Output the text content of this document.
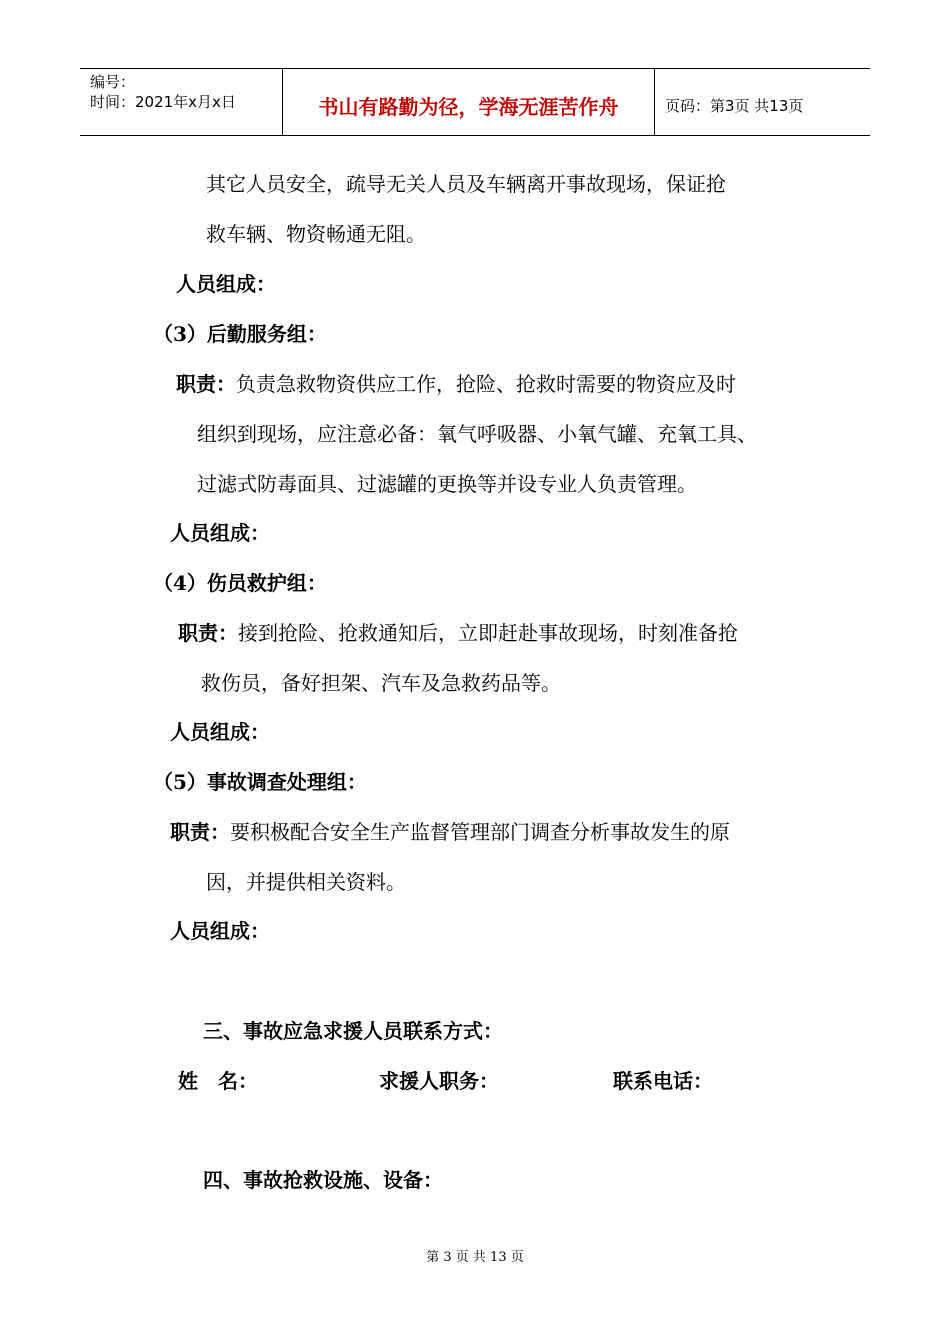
编号：
时间：2021年x月x日	书山有路勤为径，学海无涯苦作舟	页码：第3页 共13页
其它人员安全，疏导无关人员及车辆离开事故现场，保证抢
救车辆、物资畅通无阻。
人员组成：
（3）后勤服务组：
职责：负责急救物资供应工作，抢险、抢救时需要的物资应及时
组织到现场，应注意必备：氧气呼吸器、小氧气罐、充氧工具、
过滤式防毒面具、过滤罐的更换等并设专业人负责管理。
人员组成：
（4）伤员救护组：
职责：接到抢险、抢救通知后，立即赶赴事故现场，时刻准备抢
救伤员，备好担架、汽车及急救药品等。
人员组成：
（5）事故调查处理组：
职责：要积极配合安全生产监督管理部门调查分析事故发生的原
因，并提供相关资料。
人员组成：
三、事故应急求援人员联系方式：
姓　名：	求援人职务：	联系电话：
四、事故抢救设施、设备：
第 3 页 共 13 页
